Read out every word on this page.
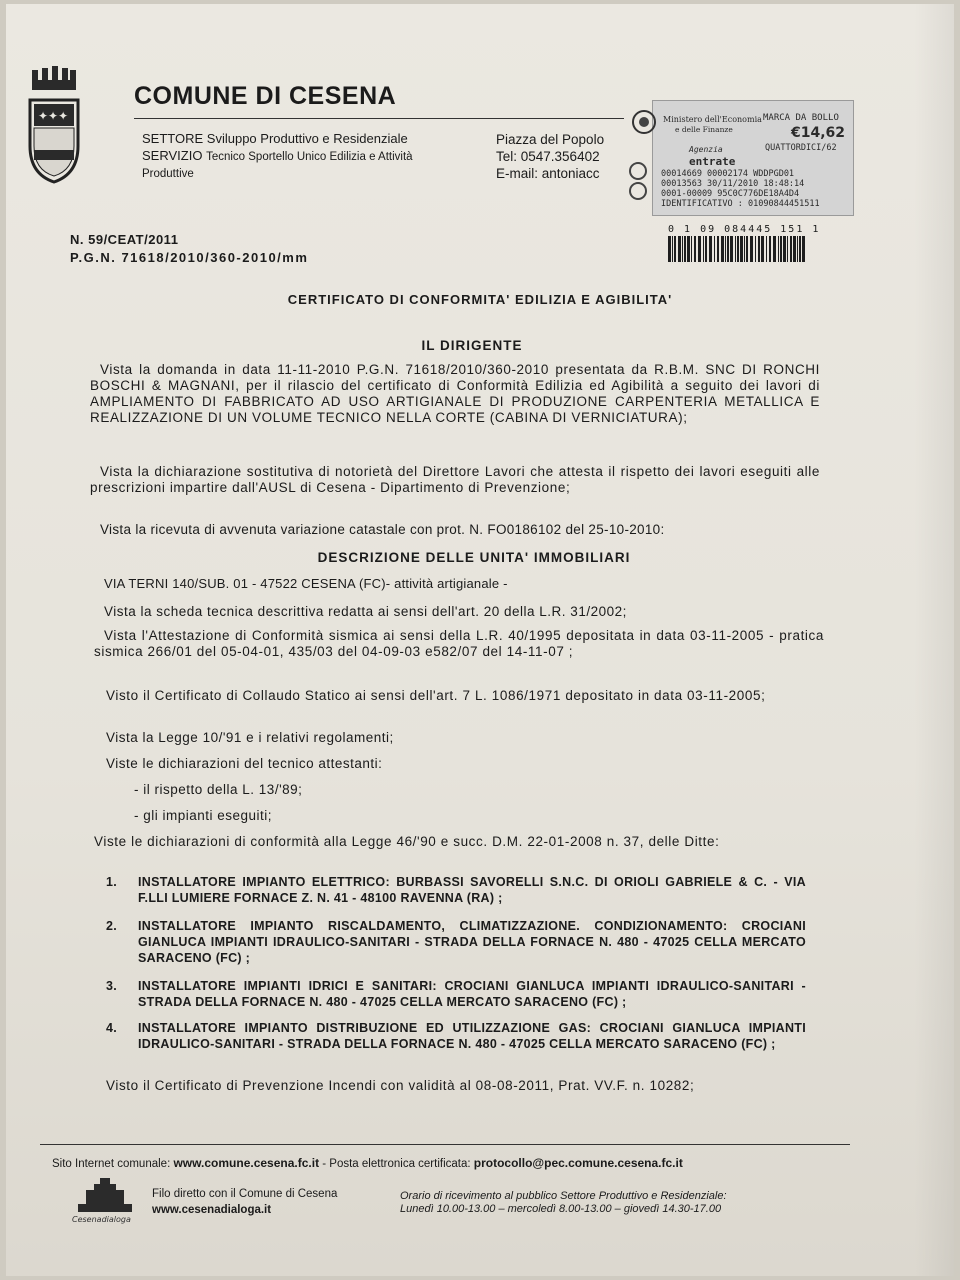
✦✦✦
COMUNE DI CESENA
SETTORE Sviluppo Produttivo e Residenziale
SERVIZIO Tecnico Sportello Unico Edilizia e Attività
Produttive
Piazza del Popolo
Tel: 0547.356402
E-mail: antoniacc
Ministero dell'Economia
e delle Finanze
MARCA DA BOLLO
€14,62
QUATTORDICI/62
Agenzia
entrate
00014669 00002174 WDDPGD01
00013563 30/11/2010 18:48:14
0001-00009 95C0C776DE18A4D4
IDENTIFICATIVO : 01090844451511
0 1 09 084445 151 1
N. 59/CEAT/2011
P.G.N. 71618/2010/360-2010/mm
CERTIFICATO DI CONFORMITA' EDILIZIA E AGIBILITA'
IL DIRIGENTE
Vista la domanda in data 11-11-2010 P.G.N. 71618/2010/360-2010 presentata da R.B.M. SNC DI RONCHI BOSCHI & MAGNANI, per il rilascio del certificato di Conformità Edilizia ed Agibilità a seguito dei lavori di AMPLIAMENTO DI FABBRICATO AD USO ARTIGIANALE DI PRODUZIONE CARPENTERIA METALLICA E REALIZZAZIONE DI UN VOLUME TECNICO NELLA CORTE (CABINA DI VERNICIATURA);
Vista la dichiarazione sostitutiva di notorietà del Direttore Lavori che attesta il rispetto dei lavori eseguiti alle prescrizioni impartire dall'AUSL di Cesena - Dipartimento di Prevenzione;
Vista la ricevuta di avvenuta variazione catastale con prot. N. FO0186102 del 25-10-2010:
DESCRIZIONE DELLE UNITA' IMMOBILIARI
VIA TERNI 140/SUB. 01 - 47522 CESENA (FC)- attività artigianale -
Vista la scheda tecnica descrittiva redatta ai sensi dell'art. 20 della L.R. 31/2002;
Vista l'Attestazione di Conformità sismica ai sensi della L.R. 40/1995 depositata in data 03-11-2005 - pratica sismica 266/01 del 05-04-01, 435/03 del 04-09-03 e582/07 del 14-11-07 ;
Visto il Certificato di Collaudo Statico ai sensi dell'art. 7 L. 1086/1971 depositato in data 03-11-2005;
Vista la Legge 10/'91 e i relativi regolamenti;
Viste le dichiarazioni del tecnico attestanti:
- il rispetto della L. 13/'89;
- gli impianti eseguiti;
Viste le dichiarazioni di conformità alla Legge 46/'90 e succ. D.M. 22-01-2008 n. 37, delle Ditte:
1.	INSTALLATORE IMPIANTO ELETTRICO: BURBASSI SAVORELLI S.N.C. DI ORIOLI GABRIELE & C. - VIA F.LLI LUMIERE FORNACE Z. N. 41 - 48100 RAVENNA (RA) ;
2.	INSTALLATORE IMPIANTO RISCALDAMENTO, CLIMATIZZAZIONE. CONDIZIONAMENTO: CROCIANI GIANLUCA IMPIANTI IDRAULICO-SANITARI - STRADA DELLA FORNACE N. 480 - 47025 CELLA MERCATO SARACENO (FC) ;
3.	INSTALLATORE IMPIANTI IDRICI E SANITARI: CROCIANI GIANLUCA IMPIANTI IDRAULICO-SANITARI - STRADA DELLA FORNACE N. 480 - 47025 CELLA MERCATO SARACENO (FC) ;
4.	INSTALLATORE IMPIANTO DISTRIBUZIONE ED UTILIZZAZIONE GAS: CROCIANI GIANLUCA IMPIANTI IDRAULICO-SANITARI - STRADA DELLA FORNACE N. 480 - 47025 CELLA MERCATO SARACENO (FC) ;
Visto il Certificato di Prevenzione Incendi con validità al 08-08-2011, Prat. VV.F. n. 10282;
Sito Internet comunale: www.comune.cesena.fc.it - Posta elettronica certificata: protocollo@pec.comune.cesena.fc.it
Cesenadialoga
Filo diretto con il Comune di Cesena
www.cesenadialoga.it
Orario di ricevimento al pubblico Settore Produttivo e Residenziale:
Lunedì 10.00-13.00 – mercoledì 8.00-13.00 – giovedì 14.30-17.00
